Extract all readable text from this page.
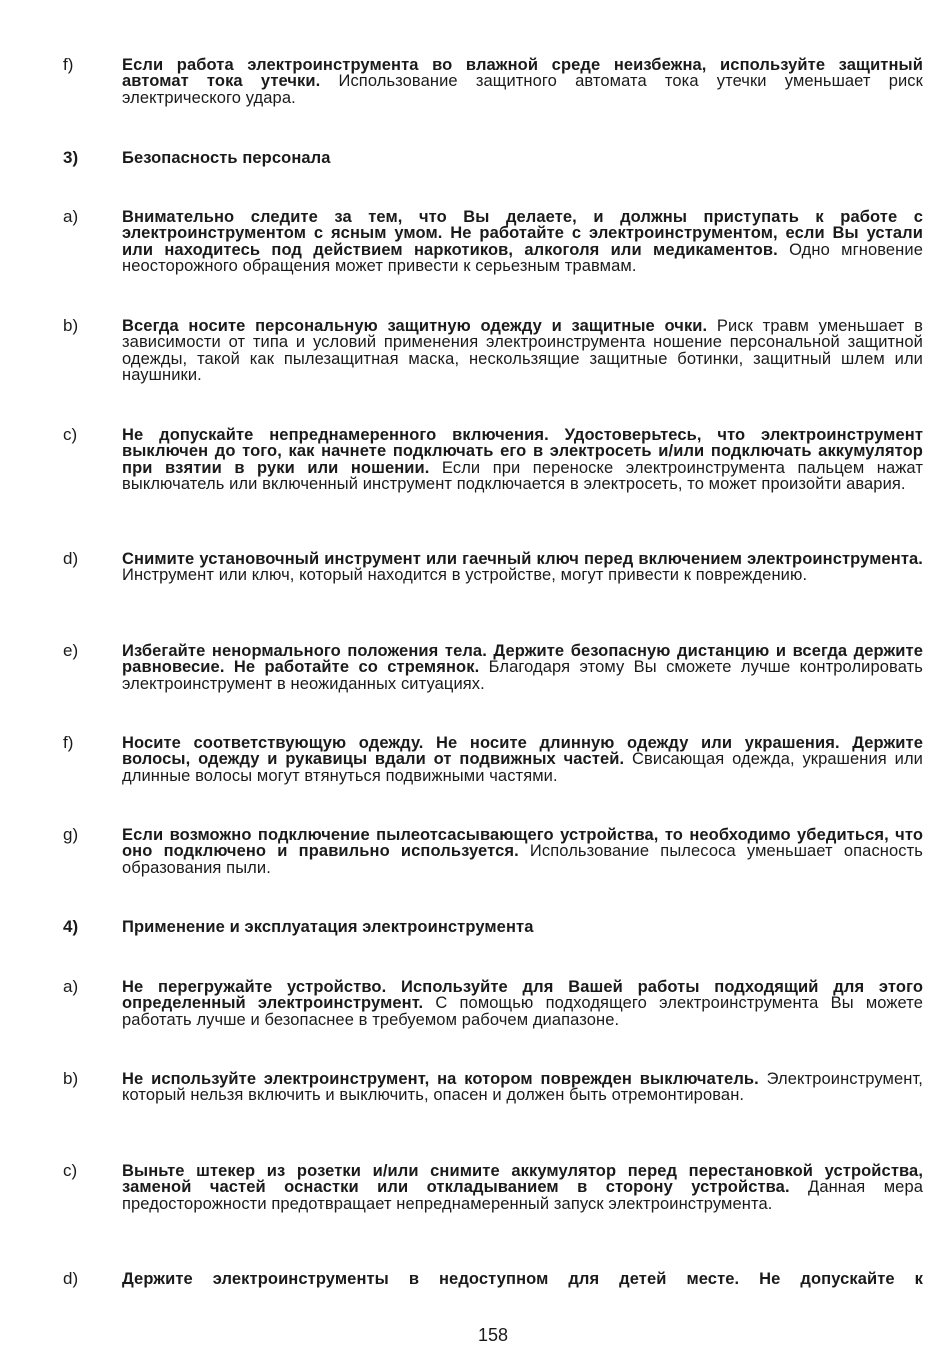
f)	Если работа электроинструмента во влажной среде неизбежна, используйте защитный автомат тока утечки. Использование защитного автомата тока утечки уменьшает риск электрического удара.
3)	Безопасность персонала
a)	Внимательно следите за тем, что Вы делаете, и должны приступать к работе с электроинструментом с ясным умом. Не работайте с электроинструментом, если Вы устали или находитесь под действием наркотиков, алкоголя или медикаментов. Одно мгновение неосторожного обращения может привести к серьезным травмам.
b)	Всегда носите персональную защитную одежду и защитные очки. Риск травм уменьшает в зависимости от типа и условий применения электроинструмента ношение персональной защитной одежды, такой как пылезащитная маска, нескользящие защитные ботинки, защитный шлем или наушники.
c)	Не допускайте непреднамеренного включения. Удостоверьтесь, что электроинструмент выключен до того, как начнете подключать его в электросеть и/или подключать аккумулятор при взятии в руки или ношении. Если при переноске электроинструмента пальцем нажат выключатель или включенный инструмент подключается в электросеть, то может произойти авария.
d)	Снимите установочный инструмент или гаечный ключ перед включением электроинструмента. Инструмент или ключ, который находится в устройстве, могут привести к повреждению.
e)	Избегайте ненормального положения тела. Держите безопасную дистанцию и всегда держите равновесие. Не работайте со стремянок. Благодаря этому Вы сможете лучше контролировать электроинструмент в неожиданных ситуациях.
f)	Носите соответствующую одежду. Не носите длинную одежду или украшения. Держите волосы, одежду и рукавицы вдали от подвижных частей. Свисающая одежда, украшения или длинные волосы могут втянуться подвижными частями.
g)	Если возможно подключение пылеотсасывающего устройства, то необходимо убедиться, что оно подключено и правильно используется. Использование пылесоса уменьшает опасность образования пыли.
4)	Применение и эксплуатация электроинструмента
a)	Не перегружайте устройство. Используйте для Вашей работы подходящий для этого определенный электроинструмент. С помощью подходящего электроинструмента Вы можете работать лучше и безопаснее в требуемом рабочем диапазоне.
b)	Не используйте электроинструмент, на котором поврежден выключатель. Электроинструмент, который нельзя включить и выключить, опасен и должен быть отремонтирован.
c)	Выньте штекер из розетки и/или снимите аккумулятор перед перестановкой устройства, заменой частей оснастки или откладыванием в сторону устройства. Данная мера предосторожности предотвращает непреднамеренный запуск электроинструмента.
d)	Держите электроинструменты в недоступном для детей месте. Не допускайте к
158
